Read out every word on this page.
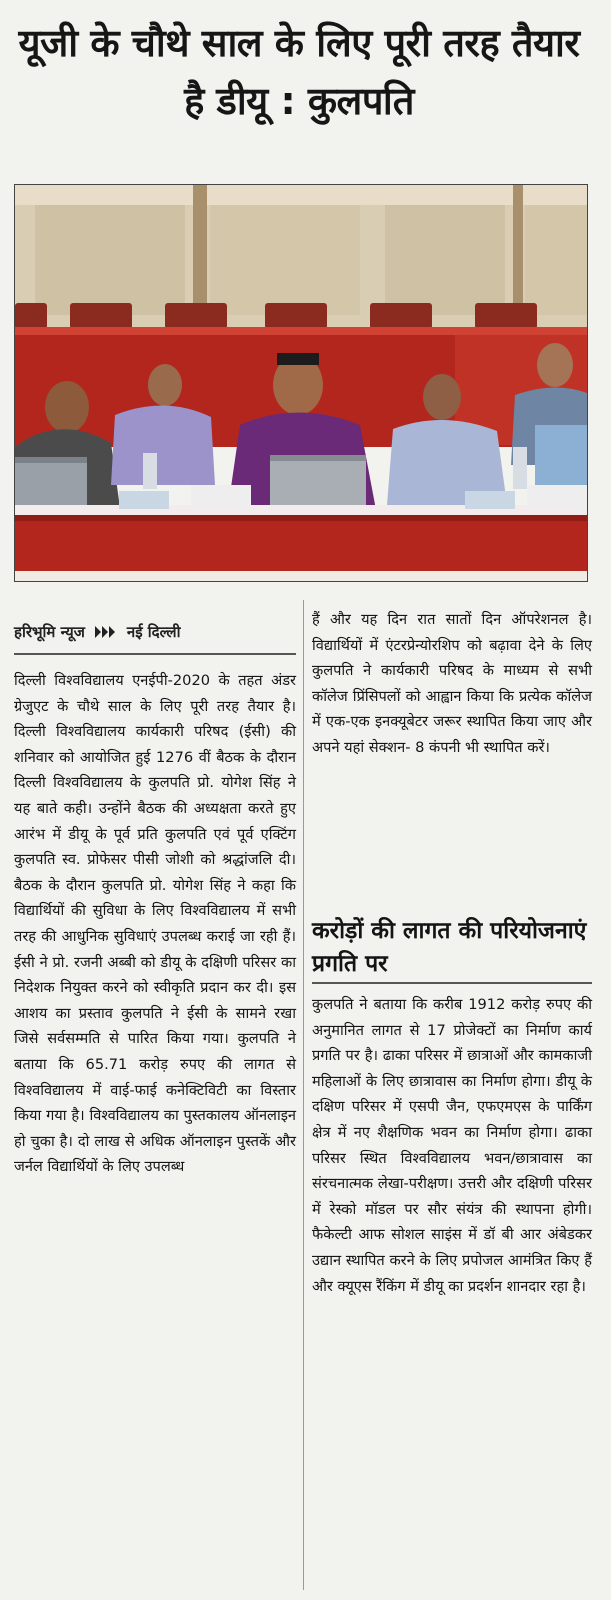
यूजी के चौथे साल के लिए पूरी तरह तैयार है डीयू : कुलपति
हरिभूमि न्यूज	नई दिल्ली

दिल्ली विश्वविद्यालय एनईपी-2020 के तहत अंडर ग्रेजुएट के चौथे साल के लिए पूरी तरह तैयार है। दिल्ली विश्वविद्यालय कार्यकारी परिषद (ईसी) की शनिवार को आयोजित हुई 1276 वीं बैठक के दौरान दिल्ली विश्वविद्यालय के कुलपति प्रो. योगेश सिंह ने यह बाते कही। उन्होंने बैठक की अध्यक्षता करते हुए आरंभ में डीयू के पूर्व प्रति कुलपति एवं पूर्व एक्टिंग कुलपति स्व. प्रोफेसर पीसी जोशी को श्रद्धांजलि दी। बैठक के दौरान कुलपति प्रो. योगेश सिंह ने कहा कि विद्यार्थियों की सुविधा के लिए विश्वविद्यालय में सभी तरह की आधुनिक सुविधाएं उपलब्ध कराई जा रही हैं। ईसी ने प्रो. रजनी अब्बी को डीयू के दक्षिणी परिसर का निदेशक नियुक्त करने को स्वीकृति प्रदान कर दी। इस आशय का प्रस्ताव कुलपति ने ईसी के सामने रखा जिसे सर्वसम्मति से पारित किया गया। कुलपति ने बताया कि 65.71 करोड़ रुपए की लागत से विश्वविद्यालय में वाई-फाई कनेक्टिविटी का विस्तार किया गया है। विश्वविद्यालय का पुस्तकालय ऑनलाइन हो चुका है। दो लाख से अधिक ऑनलाइन पुस्तकें और जर्नल विद्यार्थियों के लिए उपलब्ध

हैं और यह दिन रात सातों दिन ऑपरेशनल है। विद्यार्थियों में एंटरप्रेन्योरशिप को बढ़ावा देने के लिए कुलपति ने कार्यकारी परिषद के माध्यम से सभी कॉलेज प्रिंसिपलों को आह्वान किया कि प्रत्येक कॉलेज में एक-एक इनक्यूबेटर जरूर स्थापित किया जाए और अपने यहां सेक्शन- 8 कंपनी भी स्थापित करें।

करोड़ों की लागत की परियोजनाएं प्रगति पर

कुलपति ने बताया कि करीब 1912 करोड़ रुपए की अनुमानित लागत से 17 प्रोजेक्टों का निर्माण कार्य प्रगति पर है। ढाका परिसर में छात्राओं और कामकाजी महिलाओं के लिए छात्रावास का निर्माण होगा। डीयू के दक्षिण परिसर में एसपी जैन, एफएमएस के पार्किंग क्षेत्र में नए शैक्षणिक भवन का निर्माण होगा। ढाका परिसर स्थित विश्वविद्यालय भवन/छात्रावास का संरचनात्मक लेखा-परीक्षण। उत्तरी और दक्षिणी परिसर में रेस्को मॉडल पर सौर संयंत्र की स्थापना होगी। फैकेल्टी आफ सोशल साइंस में डॉ बी आर अंबेडकर उद्यान स्थापित करने के लिए प्रपोजल आमंत्रित किए हैं और क्यूएस रैंकिंग में डीयू का प्रदर्शन शानदार रहा है।
